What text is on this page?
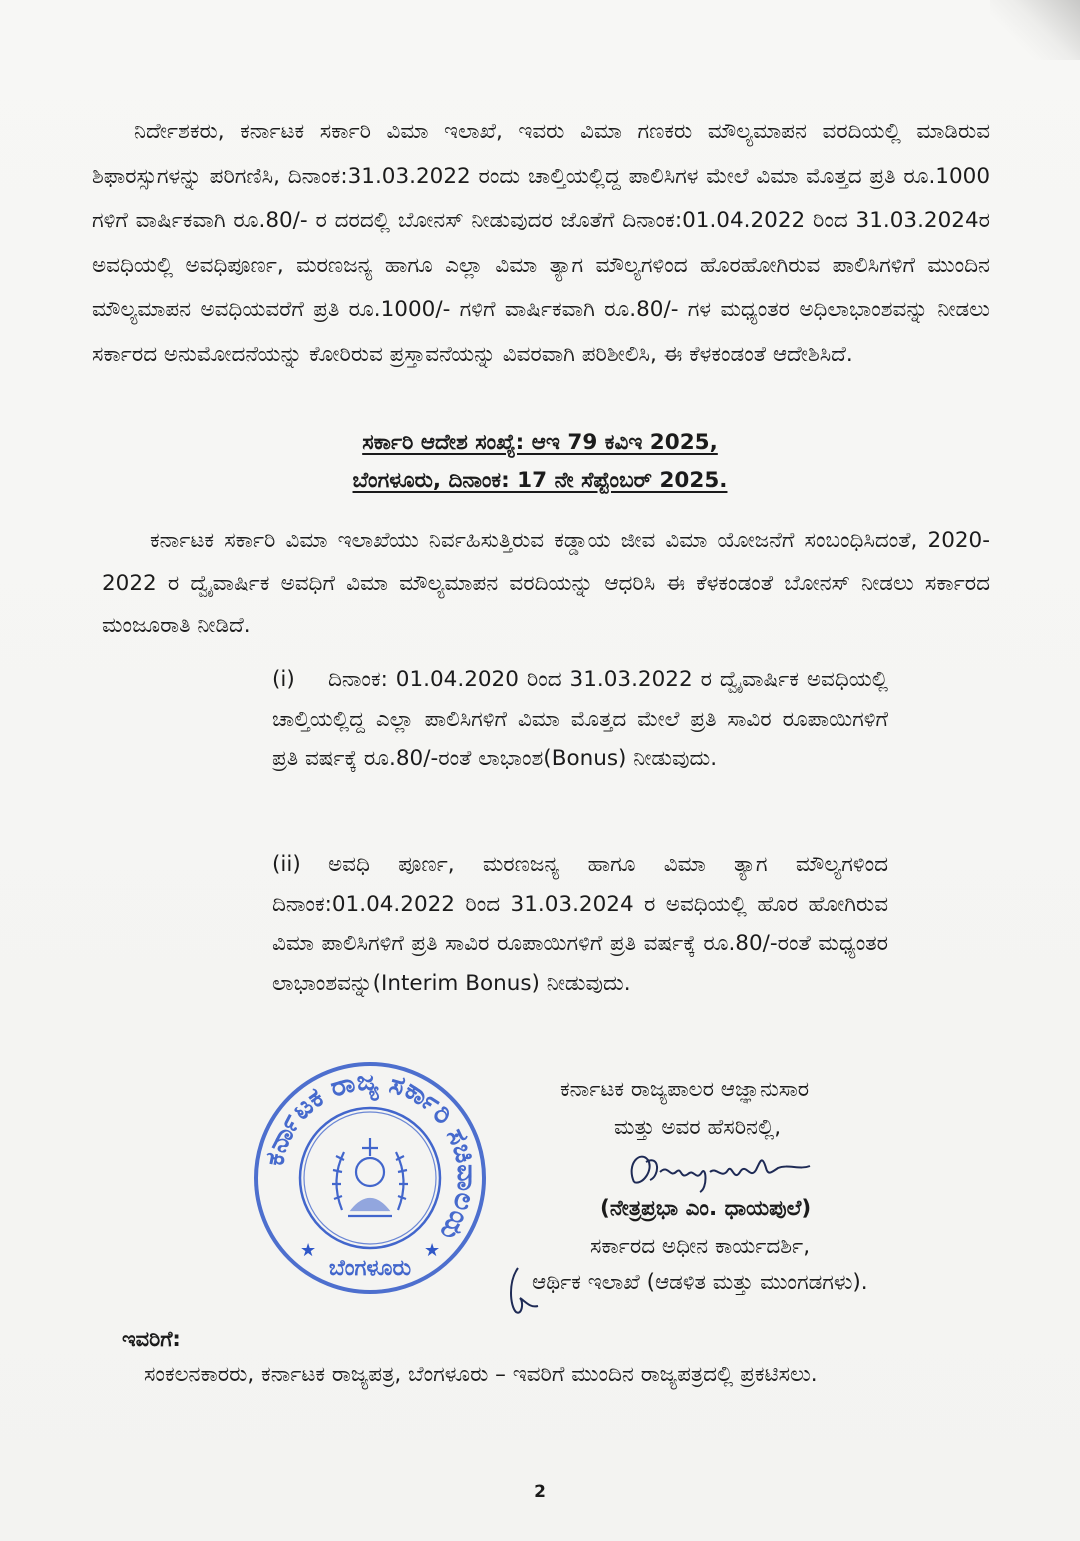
ನಿರ್ದೇಶಕರು, ಕರ್ನಾಟಕ ಸರ್ಕಾರಿ ವಿಮಾ ಇಲಾಖೆ, ಇವರು ವಿಮಾ ಗಣಕರು ಮೌಲ್ಯಮಾಪನ ವರದಿಯಲ್ಲಿ ಮಾಡಿರುವ ಶಿಫಾರಸ್ಸುಗಳನ್ನು ಪರಿಗಣಿಸಿ, ದಿನಾಂಕ:31.03.2022 ರಂದು ಚಾಲ್ತಿಯಲ್ಲಿದ್ದ ಪಾಲಿಸಿಗಳ ಮೇಲೆ ವಿಮಾ ಮೊತ್ತದ ಪ್ರತಿ ರೂ.1000 ಗಳಿಗೆ ವಾರ್ಷಿಕವಾಗಿ ರೂ.80/- ರ ದರದಲ್ಲಿ ಬೋನಸ್ ನೀಡುವುದರ ಜೊತೆಗೆ ದಿನಾಂಕ:01.04.2022 ರಿಂದ 31.03.2024ರ ಅವಧಿಯಲ್ಲಿ ಅವಧಿಪೂರ್ಣ, ಮರಣಜನ್ಯ ಹಾಗೂ ಎಲ್ಲಾ ವಿಮಾ ತ್ಯಾಗ ಮೌಲ್ಯಗಳಿಂದ ಹೊರಹೋಗಿರುವ ಪಾಲಿಸಿಗಳಿಗೆ ಮುಂದಿನ ಮೌಲ್ಯಮಾಪನ ಅವಧಿಯವರೆಗೆ ಪ್ರತಿ ರೂ.1000/- ಗಳಿಗೆ ವಾರ್ಷಿಕವಾಗಿ ರೂ.80/- ಗಳ ಮಧ್ಯಂತರ ಅಧಿಲಾಭಾಂಶವನ್ನು ನೀಡಲು ಸರ್ಕಾರದ ಅನುಮೋದನೆಯನ್ನು ಕೋರಿರುವ ಪ್ರಸ್ತಾವನೆಯನ್ನು ವಿವರವಾಗಿ ಪರಿಶೀಲಿಸಿ, ಈ ಕೆಳಕಂಡಂತೆ ಆದೇಶಿಸಿದೆ.

ಸರ್ಕಾರಿ ಆದೇಶ ಸಂಖ್ಯೆ: ಆಇ 79 ಕವಿಇ 2025,
ಬೆಂಗಳೂರು, ದಿನಾಂಕ: 17 ನೇ ಸೆಪ್ಟೆಂಬರ್ 2025.

ಕರ್ನಾಟಕ ಸರ್ಕಾರಿ ವಿಮಾ ಇಲಾಖೆಯು ನಿರ್ವಹಿಸುತ್ತಿರುವ ಕಡ್ಡಾಯ ಜೀವ ವಿಮಾ ಯೋಜನೆಗೆ ಸಂಬಂಧಿಸಿದಂತೆ, 2020-2022 ರ ದ್ವೈವಾರ್ಷಿಕ ಅವಧಿಗೆ ವಿಮಾ ಮೌಲ್ಯಮಾಪನ ವರದಿಯನ್ನು ಆಧರಿಸಿ ಈ ಕೆಳಕಂಡಂತೆ ಬೋನಸ್ ನೀಡಲು ಸರ್ಕಾರದ ಮಂಜೂರಾತಿ ನೀಡಿದೆ.

(i) ದಿನಾಂಕ: 01.04.2020 ರಿಂದ 31.03.2022 ರ ದ್ವೈವಾರ್ಷಿಕ ಅವಧಿಯಲ್ಲಿ ಚಾಲ್ತಿಯಲ್ಲಿದ್ದ ಎಲ್ಲಾ ಪಾಲಿಸಿಗಳಿಗೆ ವಿಮಾ ಮೊತ್ತದ ಮೇಲೆ ಪ್ರತಿ ಸಾವಿರ ರೂಪಾಯಿಗಳಿಗೆ ಪ್ರತಿ ವರ್ಷಕ್ಕೆ ರೂ.80/-ರಂತೆ ಲಾಭಾಂಶ(Bonus) ನೀಡುವುದು.

(ii) ಅವಧಿ ಪೂರ್ಣ, ಮರಣಜನ್ಯ ಹಾಗೂ ವಿಮಾ ತ್ಯಾಗ ಮೌಲ್ಯಗಳಿಂದ ದಿನಾಂಕ:01.04.2022 ರಿಂದ 31.03.2024 ರ ಅವಧಿಯಲ್ಲಿ ಹೊರ ಹೋಗಿರುವ ವಿಮಾ ಪಾಲಿಸಿಗಳಿಗೆ ಪ್ರತಿ ಸಾವಿರ ರೂಪಾಯಿಗಳಿಗೆ ಪ್ರತಿ ವರ್ಷಕ್ಕೆ ರೂ.80/-ರಂತೆ ಮಧ್ಯಂತರ ಲಾಭಾಂಶವನ್ನು(Interim Bonus) ನೀಡುವುದು.

ಕರ್ನಾಟಕ ರಾಜ್ಯ ಸರ್ಕಾರಿ ಸಚಿವಾಲಯ
ಬೆಂಗಳೂರು
★	★
ಕರ್ನಾಟಕ ರಾಜ್ಯಪಾಲರ ಆಜ್ಞಾನುಸಾರ
ಮತ್ತು ಅವರ ಹೆಸರಿನಲ್ಲಿ,
Dhayapule
(ನೇತ್ರಪ್ರಭಾ ಎಂ. ಧಾಯಪುಲೆ)
ಸರ್ಕಾರದ ಅಧೀನ ಕಾರ್ಯದರ್ಶಿ,
ಆರ್ಥಿಕ ಇಲಾಖೆ (ಆಡಳಿತ ಮತ್ತು ಮುಂಗಡಗಳು).
ಇವರಿಗೆ:
ಸಂಕಲನಕಾರರು, ಕರ್ನಾಟಕ ರಾಜ್ಯಪತ್ರ, ಬೆಂಗಳೂರು – ಇವರಿಗೆ ಮುಂದಿನ ರಾಜ್ಯಪತ್ರದಲ್ಲಿ ಪ್ರಕಟಿಸಲು.
2
